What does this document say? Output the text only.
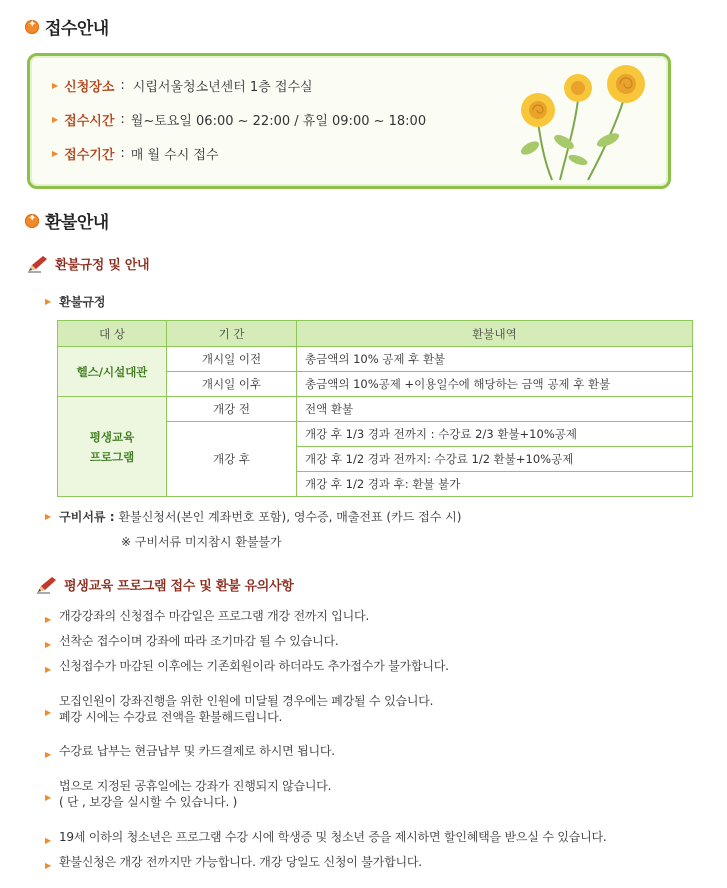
✦
접수안내
▶ 신청장소 : 시립서울청소년센터 1층 접수실
▶ 접수시간 : 월~토요일 06:00 ~ 22:00 / 휴일 09:00 ~ 18:00
▶ 접수기간 : 매 월 수시 접수
✦
환불안내
환불규정 및 안내
▶ 환불규정
대 상	기 간	환불내역
헬스/시설대관	개시일 이전	총금액의 10% 공제 후 환불
	개시일 이후	총금액의 10%공제 +이용일수에 해당하는 금액 공제 후 환불
평생교육
프로그램	개강 전	전액 환불
	개강 후	개강 후 1/3 경과 전까지 : 수강료 2/3 환불+10%공제
		개강 후 1/2 경과 전까지: 수강료 1/2 환불+10%공제
		개강 후 1/2 경과 후: 환불 불가
▶ 구비서류 : 환불신청서(본인 계좌번호 포함), 영수증, 매출전표 (카드 접수 시)
※ 구비서류 미지참시 환불불가
평생교육 프로그램 접수 및 환불 유의사항
▶ 개강강좌의 신청접수 마감일은 프로그램 개강 전까지 입니다.
▶ 선착순 접수이며 강좌에 따라 조기마감 될 수 있습니다.
▶ 신청접수가 마감된 이후에는 기존회원이라 하더라도 추가접수가 불가합니다.
▶
모집인원이 강좌진행을 위한 인원에 미달될 경우에는 폐강될 수 있습니다.
폐강 시에는 수강료 전액을 환불해드립니다.
▶ 수강료 납부는 현금납부 및 카드결제로 하시면 됩니다.
▶
법으로 지정된 공휴일에는 강좌가 진행되지 않습니다.
( 단 , 보강을 실시할 수 있습니다. )
▶ 19세 이하의 청소년은 프로그램 수강 시에 학생증 및 청소년 증을 제시하면 할인혜택을 받으실 수 있습니다.
▶ 환불신청은 개강 전까지만 가능합니다. 개강 당일도 신청이 불가합니다.
